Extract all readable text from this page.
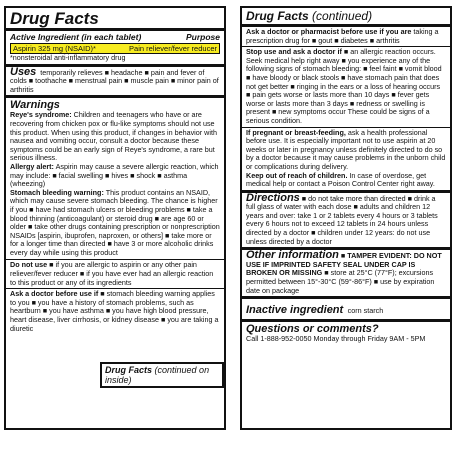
Drug Facts
Active Ingredient (in each tablet)	Purpose
Aspirin 325 mg (NSAID)*	Pain reliever/fever reducer
*nonsteroidal anti-inflammatory drug

Uses temporarily relieves ■ headache ■ pain and fever of colds ■ toothache ■ menstrual pain ■ muscle pain ■ minor pain of arthritis

Warnings

Reye's syndrome: Children and teenagers who have or are recovering from chicken pox or flu-like symptoms should not use this product. When using this product, if changes in behavior with nausea and vomiting occur, consult a doctor because these symptoms could be an early sign of Reye's syndrome, a rare but serious illness.

Allergy alert: Aspirin may cause a severe allergic reaction, which may include: ■ facial swelling ■ hives ■ shock ■ asthma (wheezing)

Stomach bleeding warning: This product contains an NSAID, which may cause severe stomach bleeding. The chance is higher if you ■ have had stomach ulcers or bleeding problems ■ take a blood thinning (anticoagulant) or steroid drug ■ are age 60 or older ■ take other drugs containing prescription or nonprescription NSAIDs [aspirin, ibuprofen, naproxen, or others] ■ take more or for a longer time than directed ■ have 3 or more alcoholic drinks every day while using this product

Do not use ■ if you are allergic to aspirin or any other pain reliever/fever reducer ■ if you have ever had an allergic reaction to this product or any of its ingredients

Ask a doctor before use if ■ stomach bleeding warning applies to you ■ you have a history of stomach problems, such as heartburn ■ you have asthma ■ you have high blood pressure, heart disease, liver cirrhosis, or kidney disease ■ you are taking a diuretic

Drug Facts (continued on inside)
Drug Facts (continued)

Ask a doctor or pharmacist before use if you are taking a prescription drug for ■ gout ■ diabetes ■ arthritis

Stop use and ask a doctor if ■ an allergic reaction occurs. Seek medical help right away ■ you experience any of the following signs of stomach bleeding: ■ feel faint ■ vomit blood ■ have bloody or black stools ■ have stomach pain that does not get better ■ ringing in the ears or a loss of hearing occurs ■ pain gets worse or lasts more than 10 days ■ fever gets worse or lasts more than 3 days ■ redness or swelling is present ■ new symptoms occur These could be signs of a serious condition.

If pregnant or breast-feeding, ask a health professional before use. It is especially important not to use aspirin at 20 weeks or later in pregnancy unless definitely directed to do so by a doctor because it may cause problems in the unborn child or complications during delivery.

Keep out of reach of children. In case of overdose, get medical help or contact a Poison Control Center right away.

Directions ■ do not take more than directed ■ drink a full glass of water with each dose ■ adults and children 12 years and over: take 1 or 2 tablets every 4 hours or 3 tablets every 6 hours not to exceed 12 tablets in 24 hours unless directed by a doctor ■ children under 12 years: do not use unless directed by a doctor

Other information ■ TAMPER EVIDENT: DO NOT USE IF IMPRINTED SAFETY SEAL UNDER CAP IS BROKEN OR MISSING ■ store at 25°C (77°F); excursions permitted between 15°-30°C (59°-86°F) ■ use by expiration date on package

Inactive ingredient corn starch
Questions or comments?
Call 1-888-952-0050 Monday through Friday 9AM - 5PM
